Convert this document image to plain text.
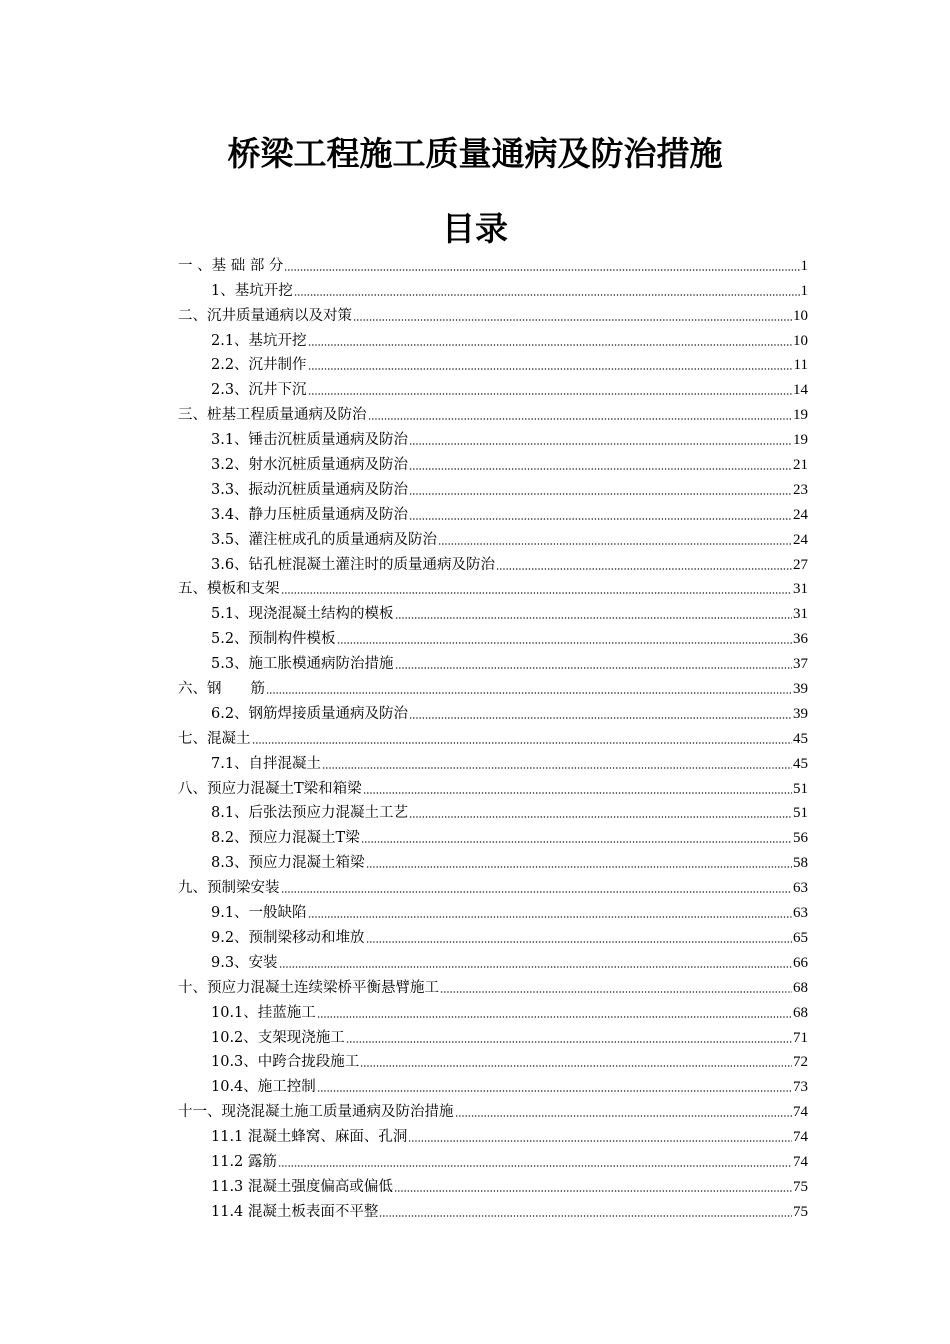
桥梁工程施工质量通病及防治措施
目录
一 、基 础 部 分	1
1、基坑开挖	1
二、沉井质量通病以及对策	10
2.1、基坑开挖	10
2.2、沉井制作	11
2.3、沉井下沉	14
三、桩基工程质量通病及防治	19
3.1、锤击沉桩质量通病及防治	19
3.2、射水沉桩质量通病及防治	21
3.3、振动沉桩质量通病及防治	23
3.4、静力压桩质量通病及防治	24
3.5、灌注桩成孔的质量通病及防治	24
3.6、钻孔桩混凝土灌注时的质量通病及防治	27
五、模板和支架	31
5.1、现浇混凝土结构的模板	31
5.2、预制构件模板	36
5.3、施工胀模通病防治措施	37
六、钢　　筋	39
6.2、钢筋焊接质量通病及防治	39
七、混凝土	45
7.1、自拌混凝土	45
八、预应力混凝土T梁和箱梁	51
8.1、后张法预应力混凝土工艺	51
8.2、预应力混凝土T梁	56
8.3、预应力混凝土箱梁	58
九、预制梁安装	63
9.1、一般缺陷	63
9.2、预制梁移动和堆放	65
9.3、安装	66
十、预应力混凝土连续梁桥平衡悬臂施工	68
10.1、挂蓝施工	68
10.2、支架现浇施工	71
10.3、中跨合拢段施工	72
10.4、施工控制	73
十一、现浇混凝土施工质量通病及防治措施	74
11.1 混凝土蜂窝、麻面、孔洞	74
11.2 露筋	74
11.3 混凝土强度偏高或偏低	75
11.4 混凝土板表面不平整	75
